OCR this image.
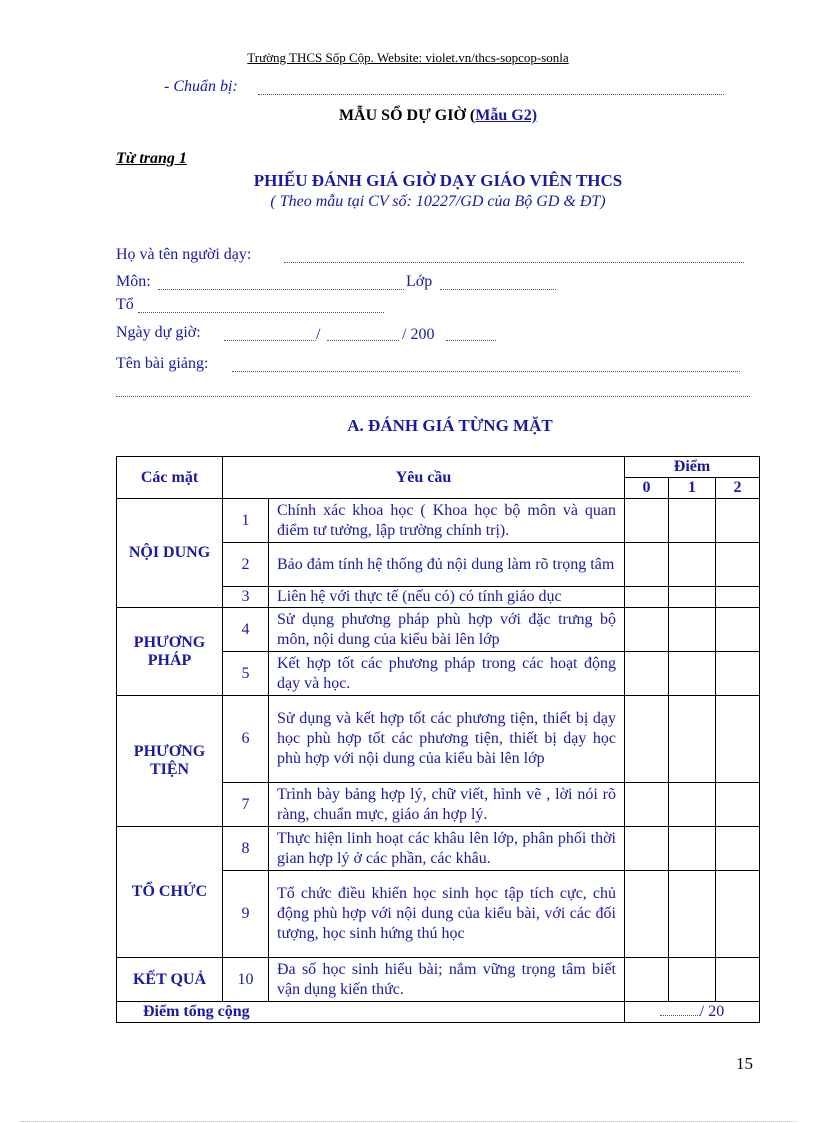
Trường THCS Sốp Cộp. Website: violet.vn/thcs-sopcop-sonla
- Chuẩn bị:
MẪU SỔ DỰ GIỜ (Mẫu G2)
Từ trang 1
PHIẾU ĐÁNH GIÁ GIỜ DẠY GIÁO VIÊN THCS
( Theo mẫu tại CV số: 10227/GD của Bộ GD & ĐT)
Họ và tên người dạy:
Môn:	Lớp
Tổ
Ngày dự giờ:	/	/ 200
Tên bài giảng:
A. ĐÁNH GIÁ TỪNG MẶT
Các mặt	Yêu cầu		Điểm		
			0	1	2
NỘI DUNG	1	Chính xác khoa học ( Khoa học bộ môn và quan điểm tư tưởng, lập trường chính trị).			
	2	Bảo đảm tính hệ thống đủ nội dung làm rõ trọng tâm			
	3	Liên hệ với thực tế (nếu có) có tính giáo dục			
PHƯƠNG PHÁP	4	Sử dụng phương pháp phù hợp với đặc trưng bộ môn, nội dung của kiểu bài lên lớp			
	5	Kết hợp tốt các phương pháp trong các hoạt động dạy và học.			
PHƯƠNG TIỆN	6	Sử dụng và kết hợp tốt các phương tiện, thiết bị dạy học phù hợp tốt các phương tiện, thiết bị dạy học phù hợp với nội dung của kiểu bài lên lớp			
	7	Trình bày bảng hợp lý, chữ viết, hình vẽ , lời nói rõ ràng, chuẩn mực, giáo án hợp lý.			
TỔ CHỨC	8	Thực hiện linh hoạt các khâu lên lớp, phân phối thời gian hợp lý ở các phần, các khâu.			
	9	Tổ chức điều khiển học sinh học tập tích cực, chủ động phù hợp với nội dung của kiểu bài, với các đối tượng, học sinh hứng thú học			
KẾT QUẢ	10	Đa số học sinh hiểu bài; nắm vững trọng tâm biết vận dụng kiến thức.			
Điểm tổng cộng			/ 20		
15
